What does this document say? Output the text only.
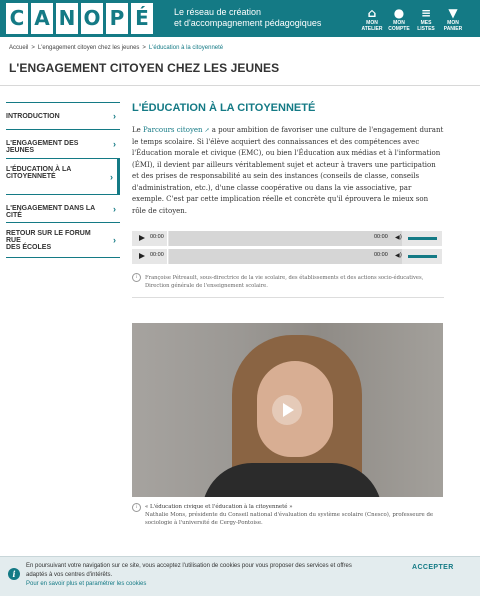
C A N O P É	Le réseau de création
et d'accompagnement pédagogiques
⌂
MON
ATELIER
●
MON
COMPTE
≡
MES
LISTES
▼
MON
PANIER
Accueil > L'engagement citoyen chez les jeunes > L'éducation à la citoyenneté
L'ENGAGEMENT CITOYEN CHEZ LES JEUNES
INTRODUCTION	›
L'ENGAGEMENT DES JEUNES
›
L'ÉDUCATION À LA
CITOYENNETÉ	›
L'ENGAGEMENT DANS LA CITÉ
›
RETOUR SUR LE FORUM RUE
DES ÉCOLES
›
L'ÉDUCATION À LA CITOYENNETÉ

Le Parcours citoyen ↗ a pour ambition de favoriser une culture de l'engagement durant le temps scolaire. Si l'élève acquiert des connaissances et des compétences avec l'Éducation morale et civique (EMC), ou bien l'Éducation aux médias et à l'information (ÉMI), il devient par ailleurs véritablement sujet et acteur à travers une participation et des prises de responsabilité au sein des instances (conseils de classe, conseils d'administration, etc.), d'une classe coopérative ou dans la vie associative, par exemple. C'est par cette implication réelle et concrète qu'il éprouvera le mieux son rôle de citoyen.

00:00	00:00 ◀)
00:00	00:00 ◀)
i	Françoise Pétreault, sous-directrice de la vie scolaire, des établissements et des actions socio-éducatives, Direction générale de l'enseignement scolaire.

i	« L'éducation civique et l'éducation à la citoyenneté »
Nathalie Mons, présidente du Conseil national d'évaluation du système scolaire (Cnesco), professeure de sociologie à l'université de Cergy-Pontoise.
i
En poursuivant votre navigation sur ce site, vous acceptez l'utilisation de cookies pour vous proposer des services et offres adaptés à vos centres d'intérêts.
Pour en savoir plus et paramétrer les cookies
ACCEPTER
